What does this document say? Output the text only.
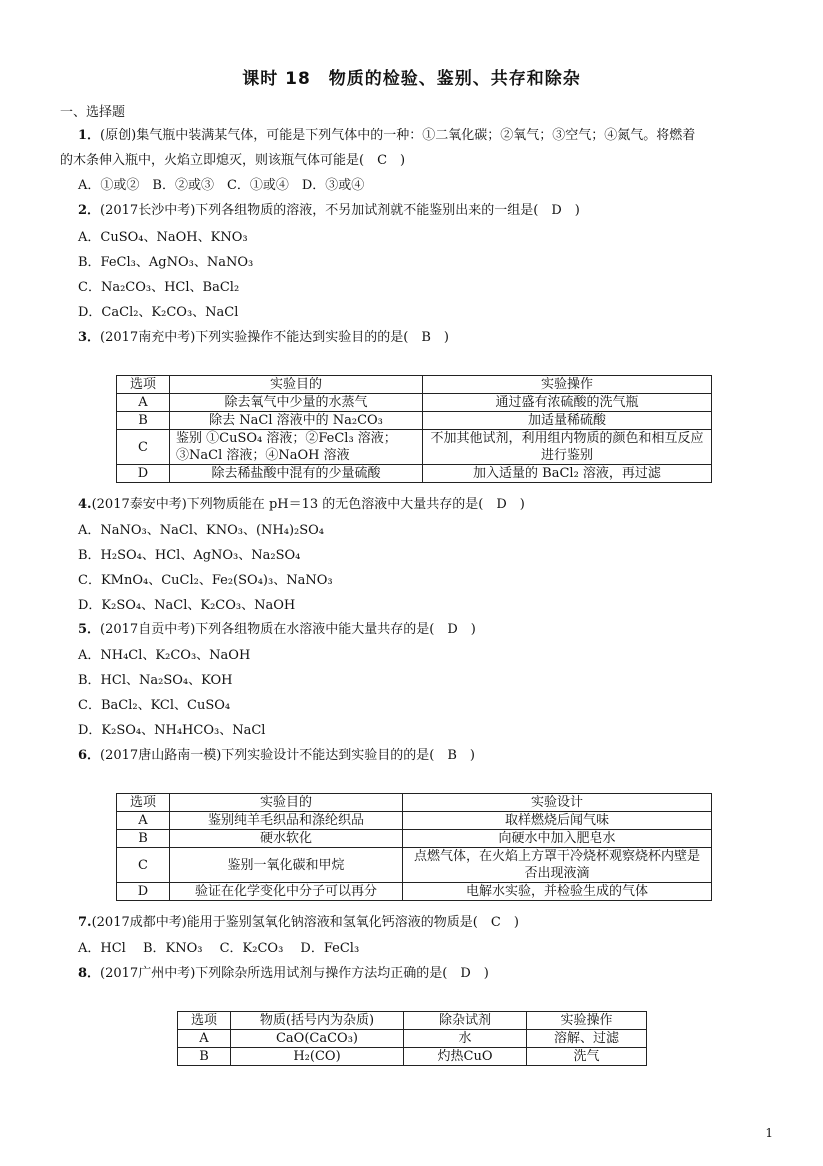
课时 18　物质的检验、鉴别、共存和除杂
一、选择题
1．(原创)集气瓶中装满某气体，可能是下列气体中的一种：①二氧化碳；②氧气；③空气；④氮气。将燃着
的木条伸入瓶中，火焰立即熄灭，则该瓶气体可能是(　C　)
A．①或②　B．②或③　C．①或④　D．③或④
2．(2017长沙中考)下列各组物质的溶液，不另加试剂就不能鉴别出来的一组是(　D　)
A．CuSO₄、NaOH、KNO₃
B．FeCl₃、AgNO₃、NaNO₃
C．Na₂CO₃、HCl、BaCl₂
D．CaCl₂、K₂CO₃、NaCl
3．(2017南充中考)下列实验操作不能达到实验目的的是(　B　)
选项	实验目的	实验操作
A	除去氧气中少量的水蒸气	通过盛有浓硫酸的洗气瓶
B	除去 NaCl 溶液中的 Na₂CO₃	加适量稀硫酸
C	鉴别 ①CuSO₄ 溶液；②FeCl₃ 溶液；③NaCl 溶液；④NaOH 溶液	不加其他试剂，利用组内物质的颜色和相互反应进行鉴别
D	除去稀盐酸中混有的少量硫酸	加入适量的 BaCl₂ 溶液，再过滤
4.(2017泰安中考)下列物质能在 pH＝13 的无色溶液中大量共存的是(　D　)
A．NaNO₃、NaCl、KNO₃、(NH₄)₂SO₄
B．H₂SO₄、HCl、AgNO₃、Na₂SO₄
C．KMnO₄、CuCl₂、Fe₂(SO₄)₃、NaNO₃
D．K₂SO₄、NaCl、K₂CO₃、NaOH
5．(2017自贡中考)下列各组物质在水溶液中能大量共存的是(　D　)
A．NH₄Cl、K₂CO₃、NaOH
B．HCl、Na₂SO₄、KOH
C．BaCl₂、KCl、CuSO₄
D．K₂SO₄、NH₄HCO₃、NaCl
6．(2017唐山路南一模)下列实验设计不能达到实验目的的是(　B　)
选项	实验目的	实验设计
A	鉴别纯羊毛织品和涤纶织品	取样燃烧后闻气味
B	硬水软化	向硬水中加入肥皂水
C	鉴别一氧化碳和甲烷	点燃气体，在火焰上方罩干冷烧杯观察烧杯内壁是否出现液滴
D	验证在化学变化中分子可以再分	电解水实验，并检验生成的气体
7.(2017成都中考)能用于鉴别氢氧化钠溶液和氢氧化钙溶液的物质是(　C　)
A．HCl　 B．KNO₃　 C．K₂CO₃　 D．FeCl₃
8．(2017广州中考)下列除杂所选用试剂与操作方法均正确的是(　D　)
选项	物质(括号内为杂质)	除杂试剂	实验操作
A	CaO(CaCO₃)	水	溶解、过滤
B	H₂(CO)	灼热CuO	洗气
1
